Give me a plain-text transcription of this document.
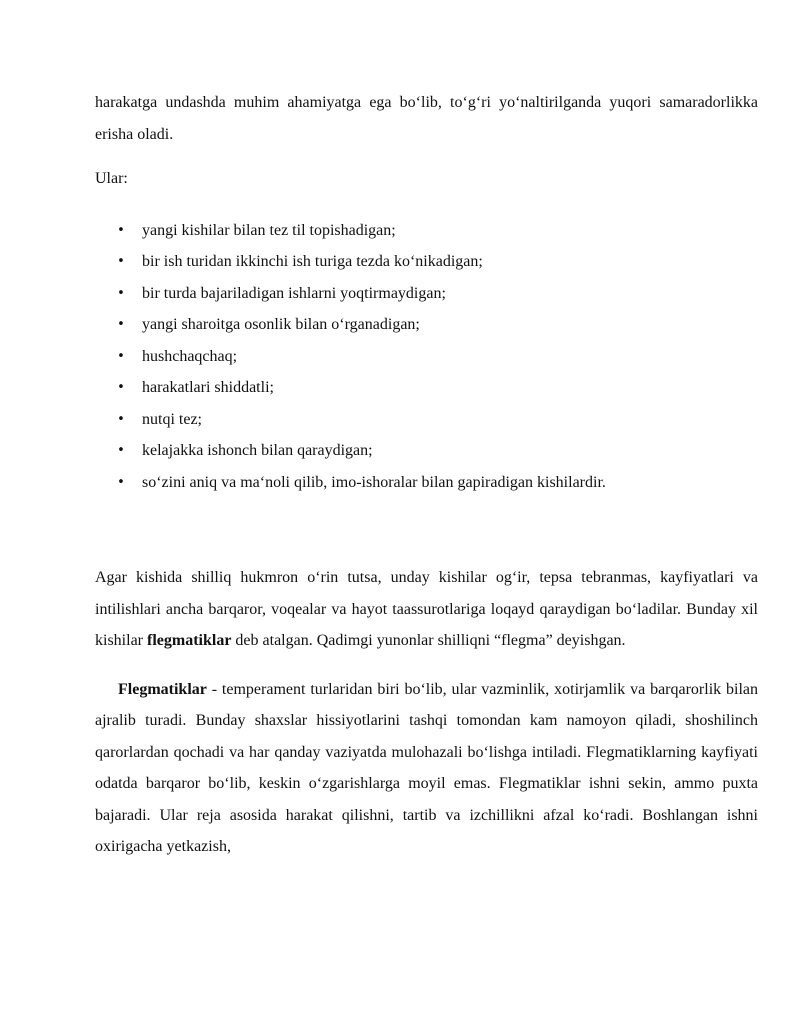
harakatga undashda muhim ahamiyatga ega bo‘lib, to‘g‘ri yo‘naltirilganda yuqori samaradorlikka erisha oladi.

Ular:

• yangi kishilar bilan tez til topishadigan;
• bir ish turidan ikkinchi ish turiga tezda ko‘nikadigan;
• bir turda bajariladigan ishlarni yoqtirmaydigan;
• yangi sharoitga osonlik bilan o‘rganadigan;
• hushchaqchaq;
• harakatlari shiddatli;
• nutqi tez;
• kelajakka ishonch bilan qaraydigan;
• so‘zini aniq va ma‘noli qilib, imo-ishoralar bilan gapiradigan kishilardir.

Agar kishida shilliq hukmron o‘rin tutsa, unday kishilar og‘ir, tepsa tebranmas, kayfiyatlari va intilishlari ancha barqaror, voqealar va hayot taassurotlariga loqayd qaraydigan bo‘ladilar. Bunday xil kishilar flegmatiklar deb atalgan. Qadimgi yunonlar shilliqni “flegma” deyishgan.

Flegmatiklar - temperament turlaridan biri bo‘lib, ular vazminlik, xotirjamlik va barqarorlik bilan ajralib turadi. Bunday shaxslar hissiyotlarini tashqi tomondan kam namoyon qiladi, shoshilinch qarorlardan qochadi va har qanday vaziyatda mulohazali bo‘lishga intiladi. Flegmatiklarning kayfiyati odatda barqaror bo‘lib, keskin o‘zgarishlarga moyil emas. Flegmatiklar ishni sekin, ammo puxta bajaradi. Ular reja asosida harakat qilishni, tartib va izchillikni afzal ko‘radi. Boshlangan ishni oxirigacha yetkazish,
